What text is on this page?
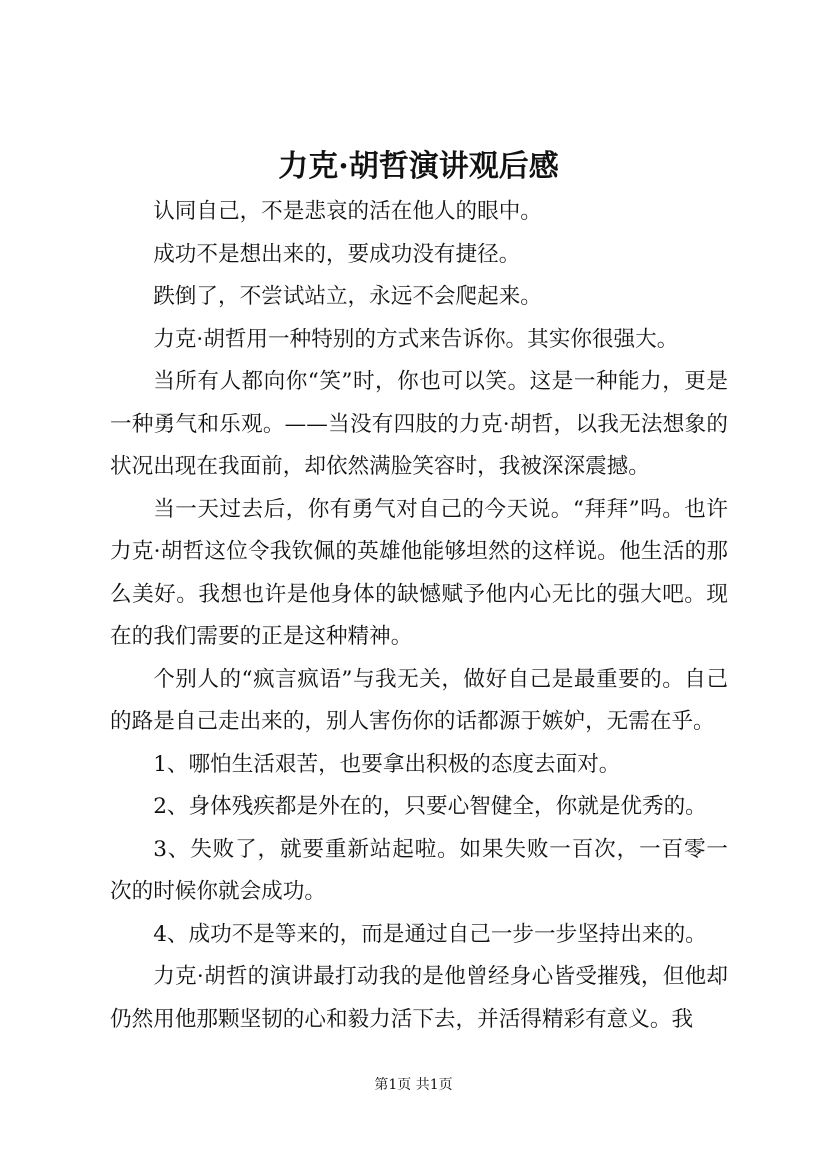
力克·胡哲演讲观后感

认同自己，不是悲哀的活在他人的眼中。

成功不是想出来的，要成功没有捷径。

跌倒了，不尝试站立，永远不会爬起来。

力克·胡哲用一种特别的方式来告诉你。其实你很强大。

当所有人都向你“笑”时，你也可以笑。这是一种能力，更是一种勇气和乐观。——当没有四肢的力克·胡哲，以我无法想象的状况出现在我面前，却依然满脸笑容时，我被深深震撼。

当一天过去后，你有勇气对自己的今天说。“拜拜”吗。也许力克·胡哲这位令我钦佩的英雄他能够坦然的这样说。他生活的那么美好。我想也许是他身体的缺憾赋予他内心无比的强大吧。现在的我们需要的正是这种精神。

个别人的“疯言疯语”与我无关，做好自己是最重要的。自己的路是自己走出来的，别人害伤你的话都源于嫉妒，无需在乎。

1、哪怕生活艰苦，也要拿出积极的态度去面对。

2、身体残疾都是外在的，只要心智健全，你就是优秀的。

3、失败了，就要重新站起啦。如果失败一百次，一百零一次的时候你就会成功。

4、成功不是等来的，而是通过自己一步一步坚持出来的。

力克·胡哲的演讲最打动我的是他曾经身心皆受摧残，但他却仍然用他那颗坚韧的心和毅力活下去，并活得精彩有意义。我

第1页 共1页
